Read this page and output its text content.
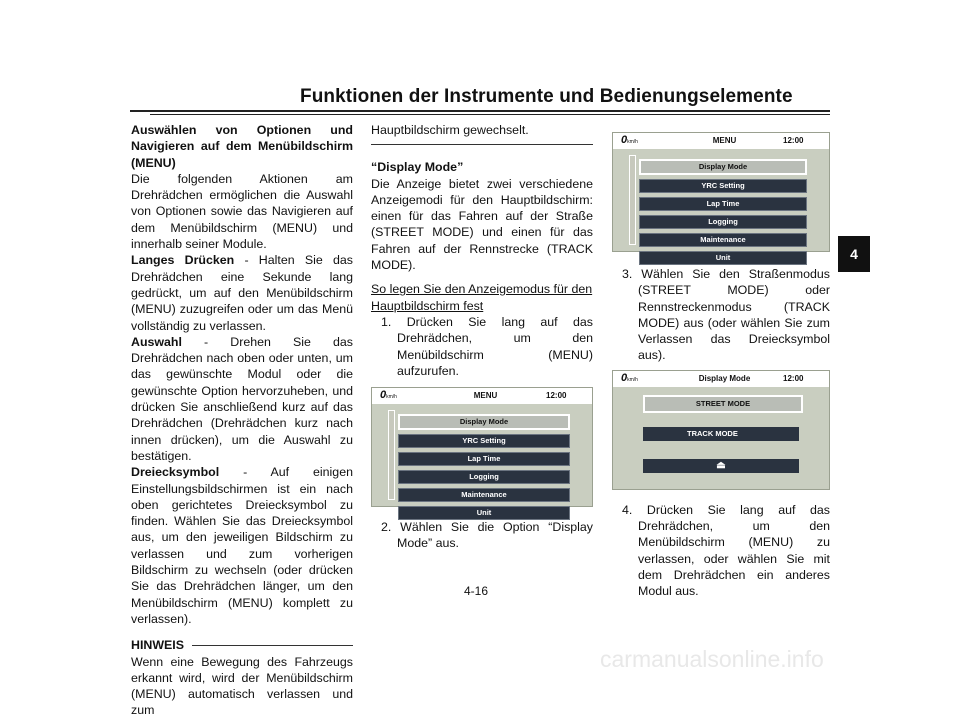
Funktionen der Instrumente und Bedienungselemente
4

Auswählen von Optionen und Navigieren auf dem Menübildschirm (MENU)

Die folgenden Aktionen am Drehrädchen ermöglichen die Auswahl von Optionen sowie das Navigieren auf dem Menübildschirm (MENU) und innerhalb seiner Module.

Langes Drücken - Halten Sie das Drehrädchen eine Sekunde lang gedrückt, um auf den Menübildschirm (MENU) zuzugreifen oder um das Menü vollständig zu verlassen.

Auswahl - Drehen Sie das Drehrädchen nach oben oder unten, um das gewünschte Modul oder die gewünschte Option hervorzuheben, und drücken Sie anschließend kurz auf das Drehrädchen (Drehrädchen kurz nach innen drücken), um die Auswahl zu bestätigen.

Dreiecksymbol - Auf einigen Einstellungsbildschirmen ist ein nach oben gerichtetes Dreiecksymbol zu finden. Wählen Sie das Dreiecksymbol aus, um den jeweiligen Bildschirm zu verlassen und zum vorherigen Bildschirm zu wechseln (oder drücken Sie das Drehrädchen länger, um den Menübildschirm (MENU) komplett zu verlassen).

HINWEIS

Wenn eine Bewegung des Fahrzeugs erkannt wird, wird der Menübildschirm (MENU) automatisch verlassen und zum

Hauptbildschirm gewechselt.

“Display Mode”

Die Anzeige bietet zwei verschiedene Anzeigemodi für den Hauptbildschirm: einen für das Fahren auf der Straße (STREET MODE) und einen für das Fahren auf der Rennstrecke (TRACK MODE).

So legen Sie den Anzeigemodus für den Hauptbildschirm fest

1. Drücken Sie lang auf das Drehrädchen, um den Menübildschirm (MENU) aufzurufen.

0km/h	MENU	12:00
Display Mode
YRC Setting
Lap Time
Logging
Maintenance
Unit

2. Wählen Sie die Option “Display Mode” aus.

0km/h	MENU	12:00
Display Mode
YRC Setting
Lap Time
Logging
Maintenance
Unit

3. Wählen Sie den Straßenmodus (STREET MODE) oder Rennstreckenmodus (TRACK MODE) aus (oder wählen Sie zum Verlassen das Dreiecksymbol aus).

0km/h	Display Mode	12:00
STREET MODE
TRACK MODE
⏏

4. Drücken Sie lang auf das Drehrädchen, um den Menübildschirm (MENU) zu verlassen, oder wählen Sie mit dem Drehrädchen ein anderes Modul aus.

4-16
carmanualsonline.info
